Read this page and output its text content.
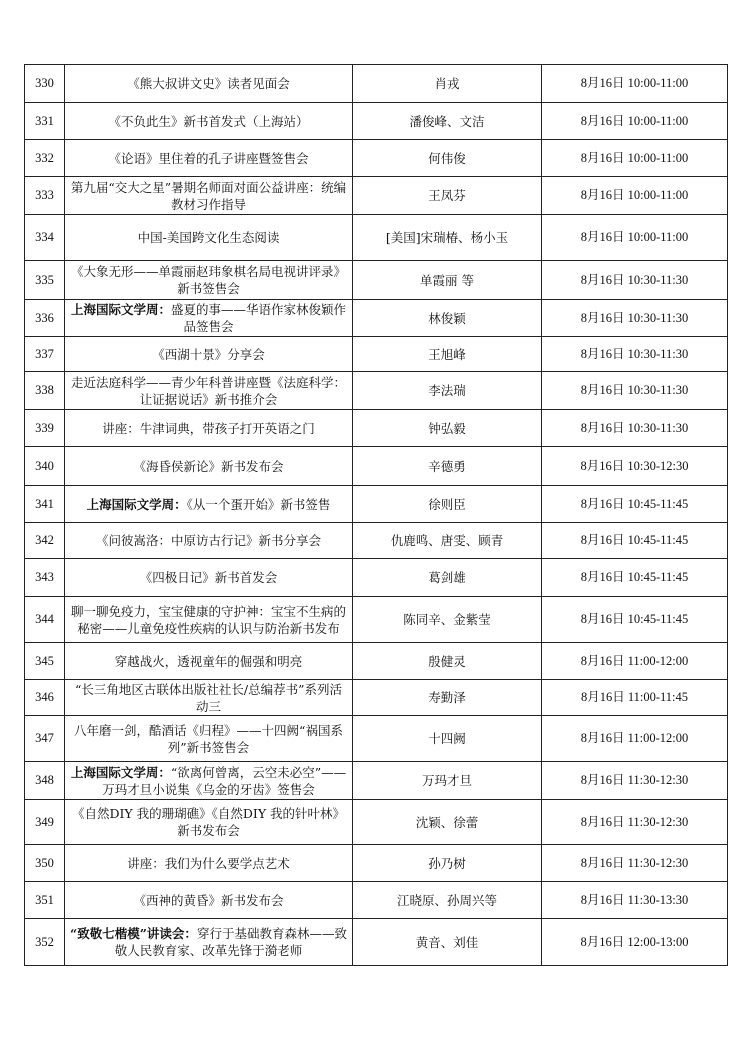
330	《熊大叔讲文史》读者见面会	肖戎	8月16日 10:00-11:00
331	《不负此生》新书首发式（上海站）	潘俊峰、文洁	8月16日 10:00-11:00
332	《论语》里住着的孔子讲座暨签售会	何伟俊	8月16日 10:00-11:00
333	第九届“交大之星”暑期名师面对面公益讲座：统编教材习作指导	王凤芬	8月16日 10:00-11:00
334	中国-美国跨文化生态阅读	[美国]宋瑞椿、杨小玉	8月16日 10:00-11:00
335	《大象无形——单霞丽赵玮象棋名局电视讲评录》新书签售会	单霞丽 等	8月16日 10:30-11:30
336	上海国际文学周：盛夏的事——华语作家林俊颖作品签售会	林俊颖	8月16日 10:30-11:30
337	《西湖十景》分享会	王旭峰	8月16日 10:30-11:30
338	走近法庭科学——青少年科普讲座暨《法庭科学：让证据说话》新书推介会	李法瑞	8月16日 10:30-11:30
339	讲座：牛津词典，带孩子打开英语之门	钟弘毅	8月16日 10:30-11:30
340	《海昏侯新论》新书发布会	辛德勇	8月16日 10:30-12:30
341	上海国际文学周：《从一个蛋开始》新书签售	徐则臣	8月16日 10:45-11:45
342	《问彼嵩洛：中原访古行记》新书分享会	仇鹿鸣、唐雯、顾青	8月16日 10:45-11:45
343	《四极日记》新书首发会	葛剑雄	8月16日 10:45-11:45
344	聊一聊免疫力，宝宝健康的守护神：宝宝不生病的秘密——儿童免疫性疾病的认识与防治新书发布	陈同辛、金紫莹	8月16日 10:45-11:45
345	穿越战火，透视童年的倔强和明亮	殷健灵	8月16日 11:00-12:00
346	“长三角地区古联体出版社社长/总编荐书”系列活动三	寿勤泽	8月16日 11:00-11:45
347	八年磨一剑，酷酒话《归程》——十四阙“祸国系列”新书签售会	十四阙	8月16日 11:00-12:00
348	上海国际文学周：“欲离何曾离，云空未必空”——万玛才旦小说集《乌金的牙齿》签售会	万玛才旦	8月16日 11:30-12:30
349	《自然DIY 我的珊瑚礁》《自然DIY 我的针叶林》新书发布会	沈颖、徐蕾	8月16日 11:30-12:30
350	讲座：我们为什么要学点艺术	孙乃树	8月16日 11:30-12:30
351	《西神的黄昏》新书发布会	江晓原、孙周兴等	8月16日 11:30-13:30
352	“致敬七楷模”讲读会：穿行于基础教育森林——致敬人民教育家、改革先锋于漪老师	黄音、刘佳	8月16日 12:00-13:00
